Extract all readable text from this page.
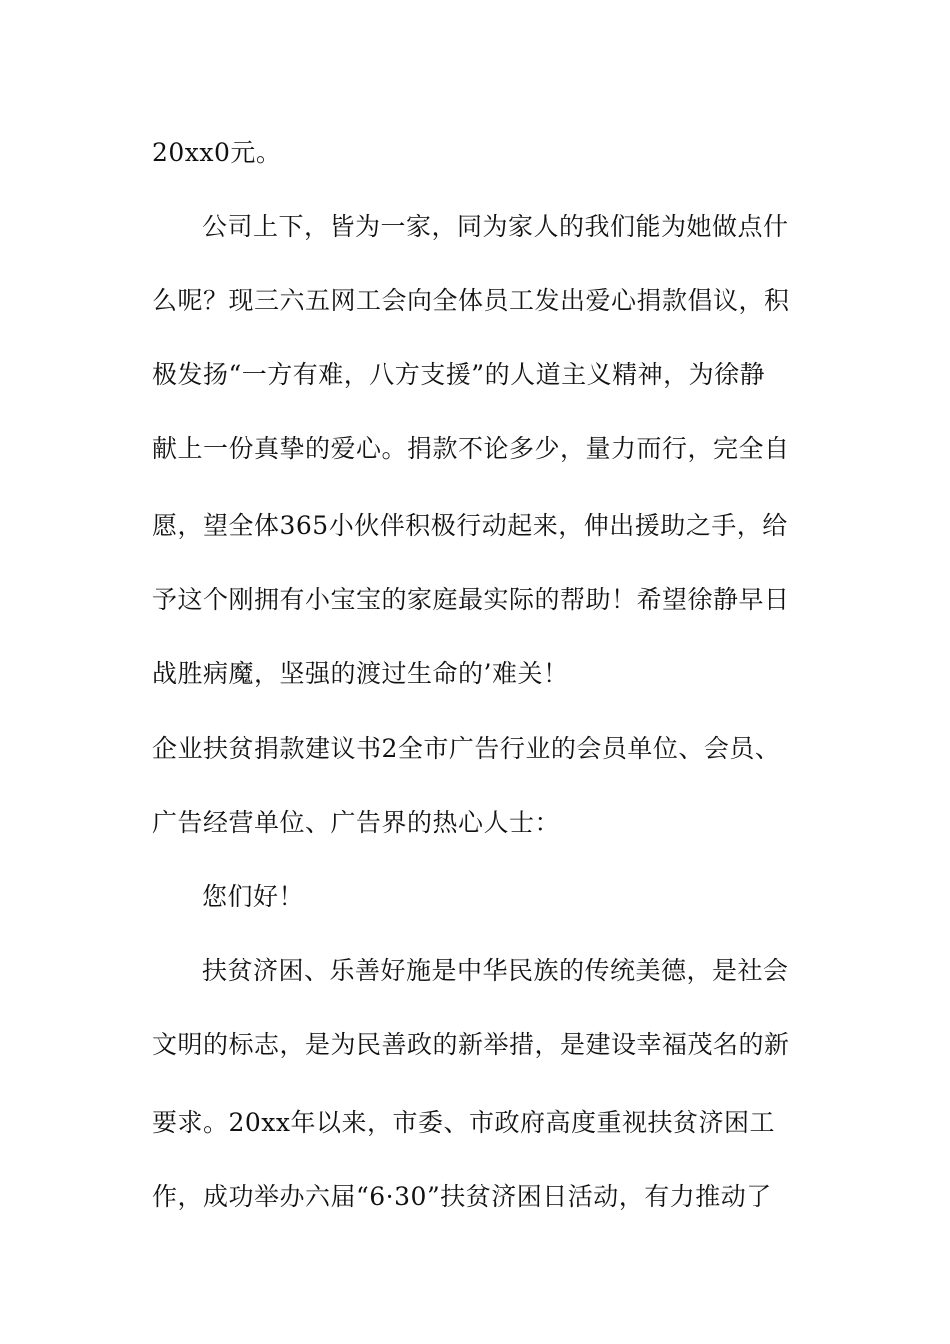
20xx0元。
公司上下，皆为一家，同为家人的我们能为她做点什
么呢？现三六五网工会向全体员工发出爱心捐款倡议，积
极发扬“一方有难，八方支援”的人道主义精神，为徐静
献上一份真挚的爱心。捐款不论多少，量力而行，完全自
愿，望全体365小伙伴积极行动起来，伸出援助之手，给
予这个刚拥有小宝宝的家庭最实际的帮助！希望徐静早日
战胜病魔，坚强的渡过生命的’难关！
企业扶贫捐款建议书2全市广告行业的会员单位、会员、
广告经营单位、广告界的热心人士：
您们好！
扶贫济困、乐善好施是中华民族的传统美德，是社会
文明的标志，是为民善政的新举措，是建设幸福茂名的新
要求。20xx年以来，市委、市政府高度重视扶贫济困工
作，成功举办六届“6·30”扶贫济困日活动，有力推动了
